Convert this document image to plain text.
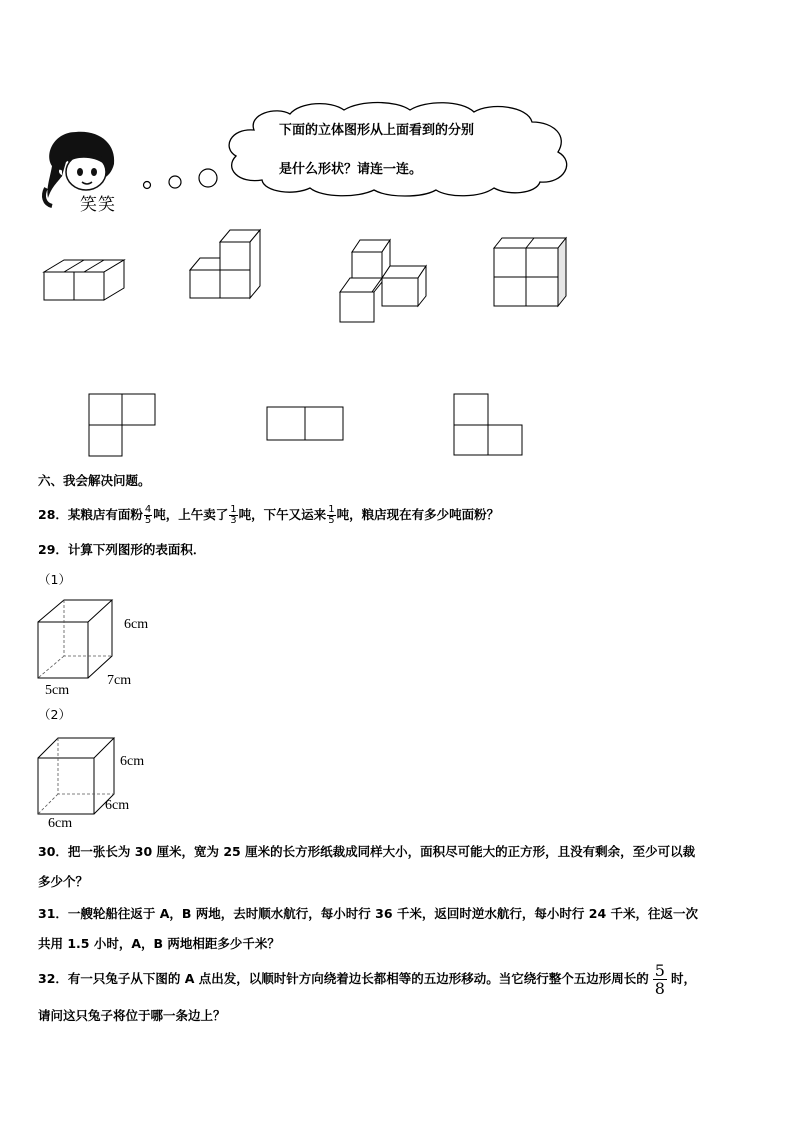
笑笑
下面的立体图形从上面看到的分别
是什么形状？请连一连。
六、我会解决问题。
28．某粮店有面粉 $\frac{4}{5}$ 吨，上午卖了 $\frac{1}{3}$ 吨，下午又运来 $\frac{1}{5}$ 吨，粮店现在有多少吨面粉？
29．计算下列图形的表面积．
（1）
6cm
7cm
5cm
（2）
6cm
6cm
6cm
30．把一张长为 30 厘米，宽为 25 厘米的长方形纸裁成同样大小，面积尽可能大的正方形，且没有剩余，至少可以裁
多少个？
31．一艘轮船往返于 A，B 两地，去时顺水航行，每小时行 36 千米，返回时逆水航行，每小时行 24 千米，往返一次
共用 1.5 小时，A，B 两地相距多少千米？
32．有一只兔子从下图的 A 点出发，以顺时针方向绕着边长都相等的五边形移动。当它绕行整个五边形周长的 $\frac{5}{8}$ 时，
请问这只兔子将位于哪一条边上？
